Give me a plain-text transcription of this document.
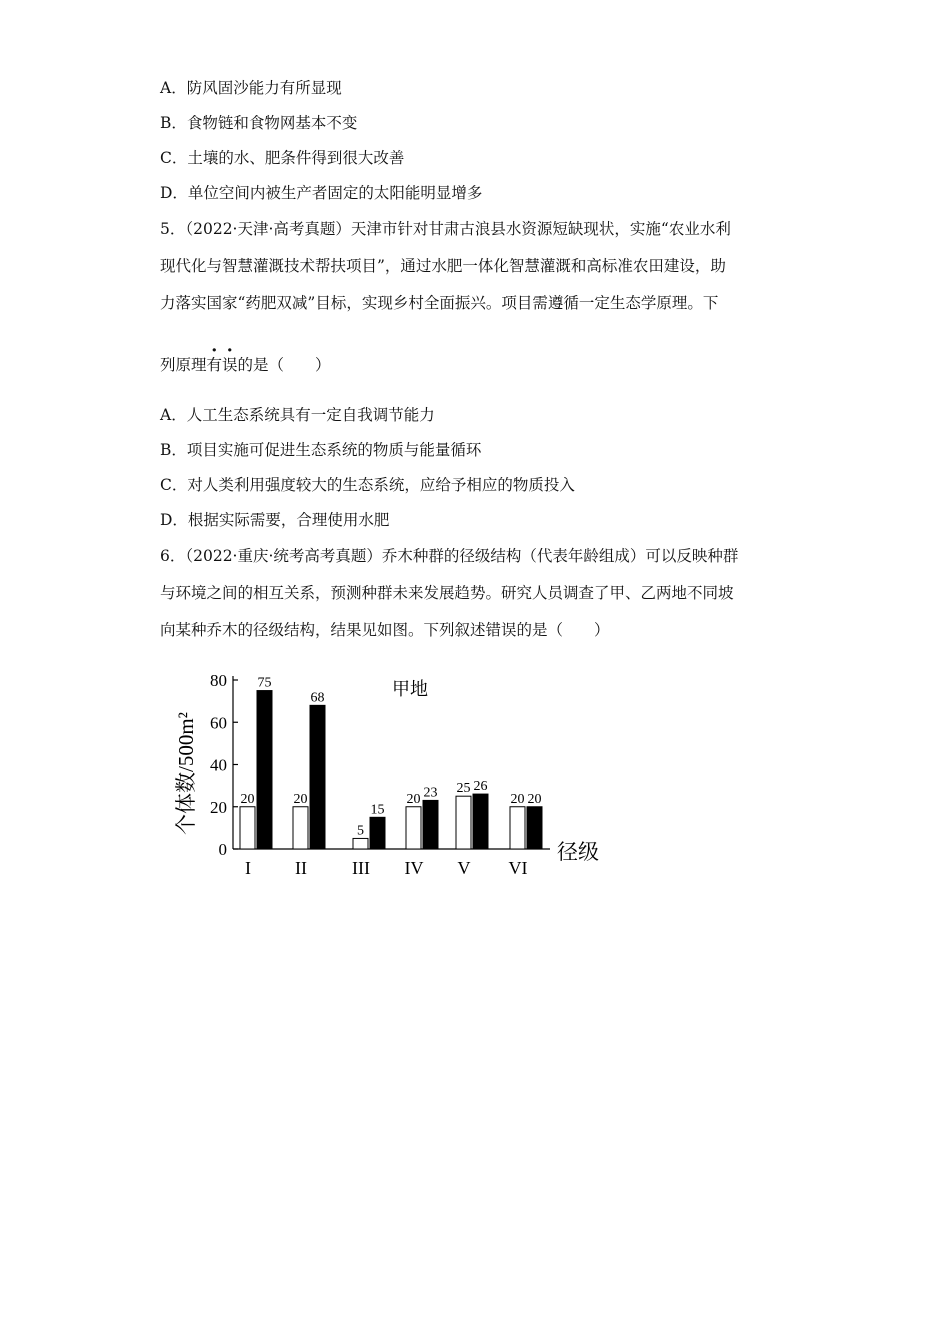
A．防风固沙能力有所显现
B．食物链和食物网基本不变
C．土壤的水、肥条件得到很大改善
D．单位空间内被生产者固定的太阳能明显增多
5．（2022·天津·高考真题）天津市针对甘肃古浪县水资源短缺现状，实施“农业水利
现代化与智慧灌溉技术帮扶项目”，通过水肥一体化智慧灌溉和高标准农田建设，助
力落实国家“药肥双减”目标，实现乡村全面振兴。项目需遵循一定生态学原理。下
列原理有误的是（　　）
A．人工生态系统具有一定自我调节能力
B．项目实施可促进生态系统的物质与能量循环
C．对人类利用强度较大的生态系统，应给予相应的物质投入
D．根据实际需要，合理使用水肥
6．（2022·重庆·统考高考真题）乔木种群的径级结构（代表年龄组成）可以反映种群
与环境之间的相互关系，预测种群未来发展趋势。研究人员调查了甲、乙两地不同坡
向某种乔木的径级结构，结果见如图。下列叙述错误的是（　　）
个体数/500m²
0
20
40
60
80	甲地
径级
20
75
20
68
5
15
20 23 25 26
20 20
I II	III IV V VI
